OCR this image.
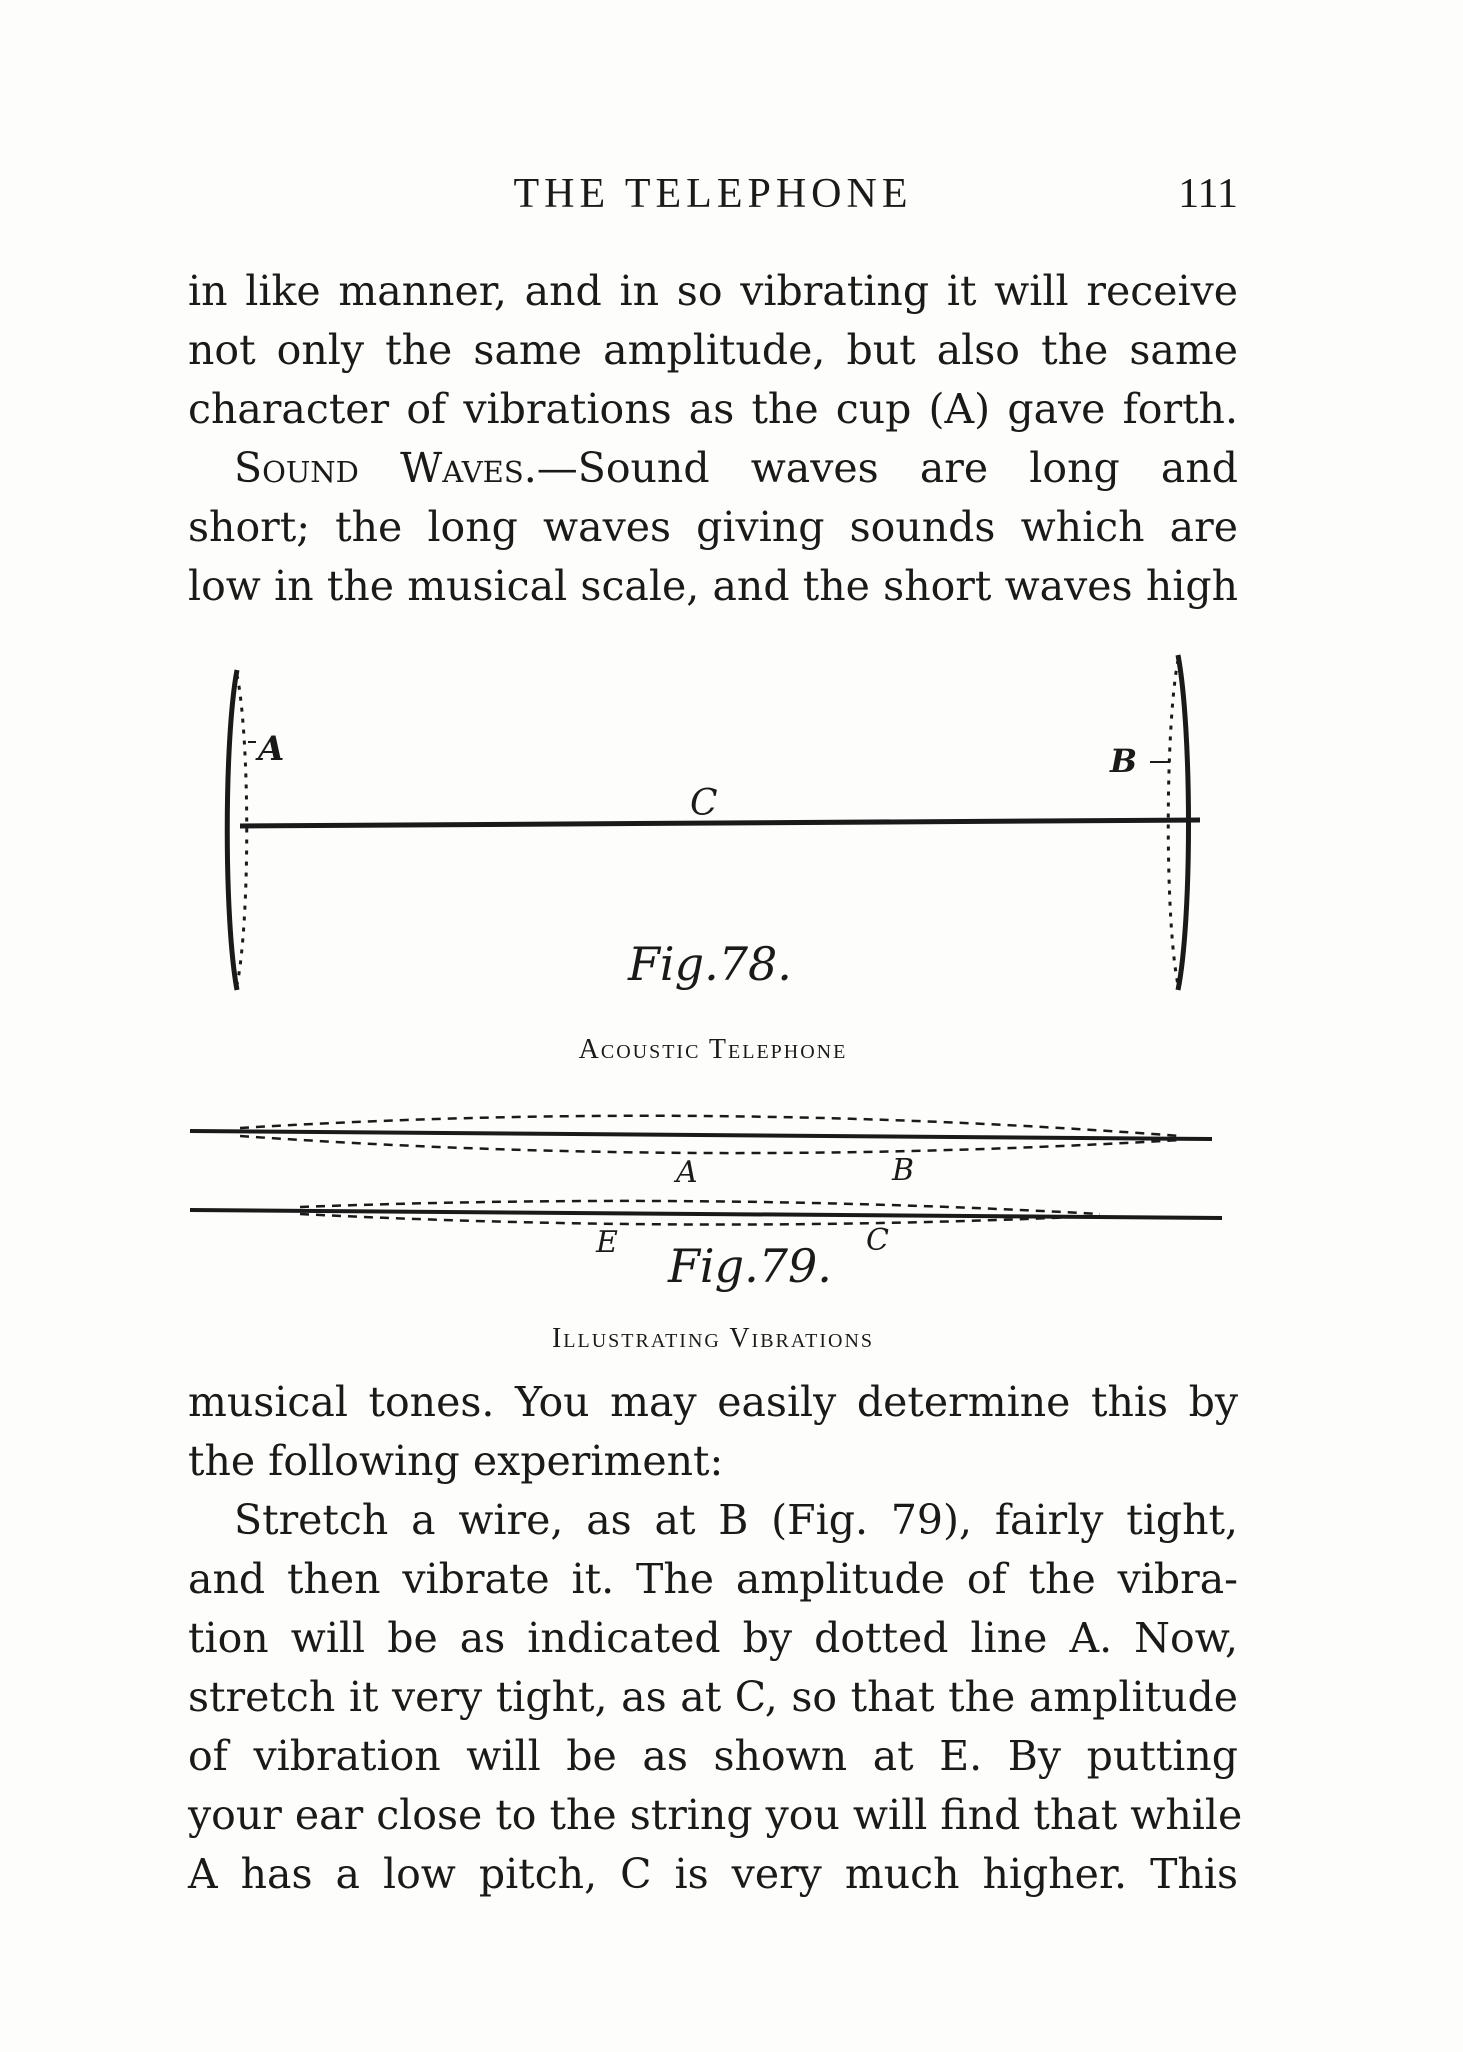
THE TELEPHONE	111
in like manner, and in so vibrating it will receive
not only the same amplitude, but also the same
character of vibrations as the cup (A) gave forth.
Sound Waves.—Sound waves are long and
short; the long waves giving sounds which are
low in the musical scale, and the short waves high
A
C
B
Fig.78.
A	B
E	C
Fig.79.
Acoustic Telephone
Illustrating Vibrations
musical tones. You may easily determine this by
the following experiment:
Stretch a wire, as at B (Fig. 79), fairly tight,
and then vibrate it. The amplitude of the vibra-
tion will be as indicated by dotted line A. Now,
stretch it very tight, as at C, so that the amplitude
of vibration will be as shown at E. By putting
your ear close to the string you will find that while
A has a low pitch, C is very much higher. This
